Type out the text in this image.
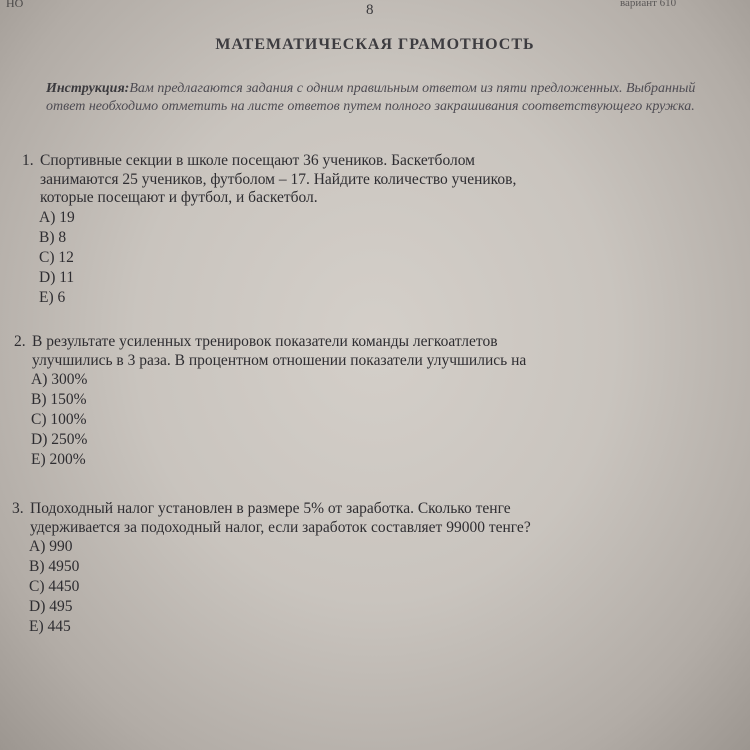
НО	8	вариант 610
МАТЕМАТИЧЕСКАЯ ГРАМОТНОСТЬ
Инструкция:Вам предлагаются задания с одним правильным ответом из пяти предложенных. Выбранный ответ необходимо отметить на листе ответов путем полного закрашивания соответствующего кружка.
1. Спортивные секции в школе посещают 36 учеников. Баскетболом
занимаются 25 учеников, футболом – 17. Найдите количество учеников,
которые посещают и футбол, и баскетбол.
A) 19
B) 8
C) 12
D) 11
E) 6
2. В результате усиленных тренировок показатели команды легкоатлетов
улучшились в 3 раза. В процентном отношении показатели улучшились на
A) 300%
B) 150%
C) 100%
D) 250%
E) 200%
3. Подоходный налог установлен в размере 5% от заработка. Сколько тенге
удерживается за подоходный налог, если заработок составляет 99000 тенге?
A) 990
B) 4950
C) 4450
D) 495
E) 445
